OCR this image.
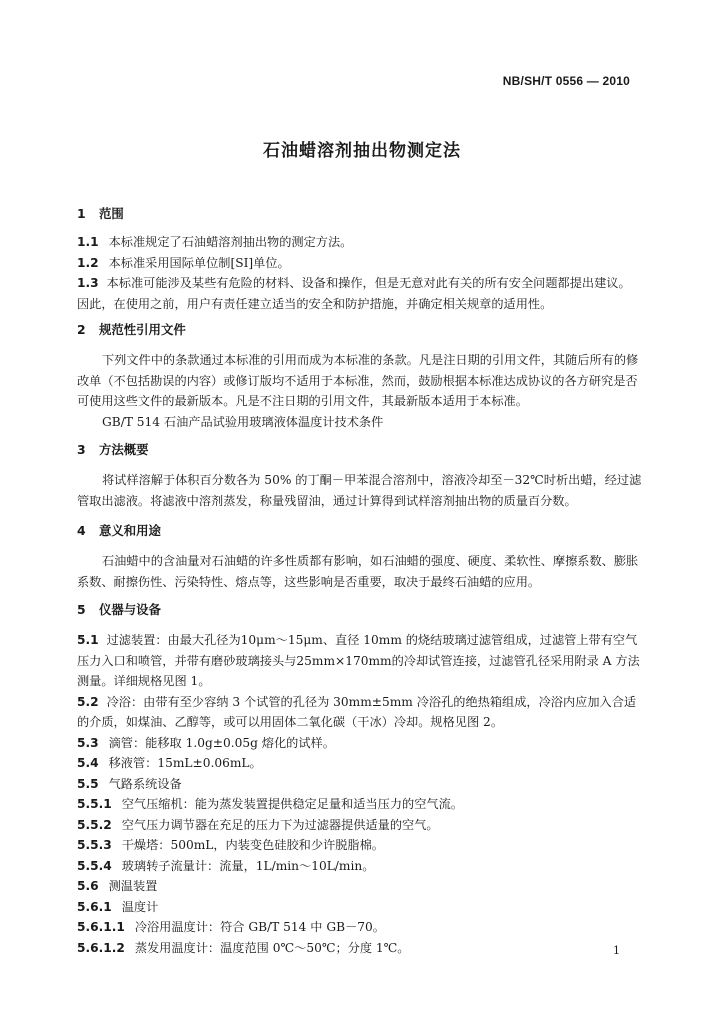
NB/SH/T 0556 — 2010
石油蜡溶剂抽出物测定法
1	范围

1.1 本标准规定了石油蜡溶剂抽出物的测定方法。

1.2 本标准采用国际单位制[SI]单位。

1.3 本标准可能涉及某些有危险的材料、设备和操作，但是无意对此有关的所有安全问题都提出建议。因此，在使用之前，用户有责任建立适当的安全和防护措施，并确定相关规章的适用性。

2	规范性引用文件

下列文件中的条款通过本标准的引用而成为本标准的条款。凡是注日期的引用文件，其随后所有的修改单（不包括勘误的内容）或修订版均不适用于本标准，然而，鼓励根据本标准达成协议的各方研究是否可使用这些文件的最新版本。凡是不注日期的引用文件，其最新版本适用于本标准。

GB/T 514 石油产品试验用玻璃液体温度计技术条件

3	方法概要

将试样溶解于体积百分数各为 50% 的丁酮－甲苯混合溶剂中，溶液冷却至－32℃时析出蜡，经过滤管取出滤液。将滤液中溶剂蒸发，称量残留油，通过计算得到试样溶剂抽出物的质量百分数。

4	意义和用途

石油蜡中的含油量对石油蜡的许多性质都有影响，如石油蜡的强度、硬度、柔软性、摩擦系数、膨胀系数、耐擦伤性、污染特性、熔点等，这些影响是否重要，取决于最终石油蜡的应用。

5	仪器与设备

5.1 过滤装置：由最大孔径为10μm～15μm、直径 10mm 的烧结玻璃过滤管组成，过滤管上带有空气压力入口和喷管，并带有磨砂玻璃接头与25mm×170mm的冷却试管连接，过滤管孔径采用附录 A 方法测量。详细规格见图 1。

5.2 冷浴：由带有至少容纳 3 个试管的孔径为 30mm±5mm 冷浴孔的绝热箱组成，冷浴内应加入合适的介质，如煤油、乙醇等，或可以用固体二氧化碳（干冰）冷却。规格见图 2。

5.3 滴管：能移取 1.0g±0.05g 熔化的试样。

5.4 移液管：15mL±0.06mL。

5.5 气路系统设备

5.5.1 空气压缩机：能为蒸发装置提供稳定足量和适当压力的空气流。

5.5.2 空气压力调节器在充足的压力下为过滤器提供适量的空气。

5.5.3 干燥塔：500mL，内装变色硅胶和少许脱脂棉。

5.5.4 玻璃转子流量计：流量，1L/min～10L/min。

5.6 测温装置

5.6.1 温度计

5.6.1.1 冷浴用温度计：符合 GB/T 514 中 GB－70。

5.6.1.2 蒸发用温度计：温度范围 0℃～50℃；分度 1℃。	1
